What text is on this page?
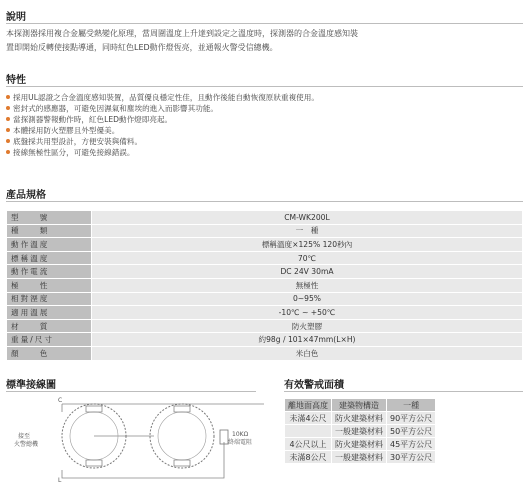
說明
本探測器採用複合金屬受熱變化原理，當周圍溫度上升達到設定之溫度時，探測器的合金溫度感知裝
置即開始反轉使接點導通，同時紅色LED動作燈恆亮，並通報火警受信總機。
特性
採用UL認證之合金溫度感知裝置，品質優良穩定性佳，且動作後能自動恢復原狀重複使用。
密封式的感應器，可避免因濕氣和塵埃的進入而影響其功能。
當探測器警報動作時，紅色LED動作燈即亮起。
本體採用防火塑膠且外型優美。
底盤採共用型設計，方便安裝與備料。
接線無極性區分，可避免接線錯誤。
產品規格
型　　號	CM-WK200L
種　　類	一　種
動作溫度	標稱溫度×125% 120秒內
標稱溫度	70℃
動作電流	DC 24V 30mA
極　　性	無極性
相對溼度	0~95%
適用溫展	-10℃ ~ +50℃
材　　質	防火塑膠
重量/尺寸	約98g / 101×47mm(L×H)
顏　　色	米白色
標準接線圖
C
L
接至
火警總機
10KΩ
終端電阻
有效警戒面積
離地面高度	建築物構造	一種
未滿4公尺	防火建築材料	90平方公尺
	一般建築材料	50平方公尺
4公尺以上	防火建築材料	45平方公尺
未滿8公尺	一般建築材料	30平方公尺
